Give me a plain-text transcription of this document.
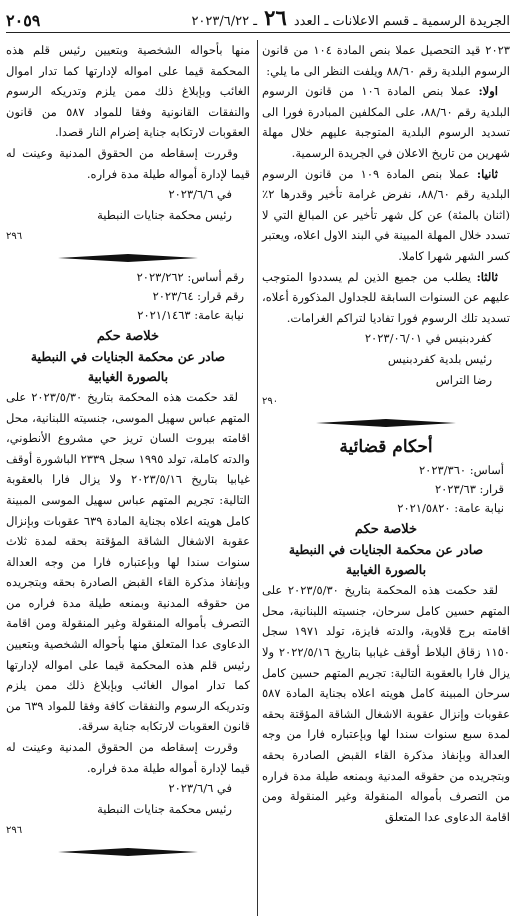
الجريدة الرسمية ـ قسم الاعلانات ـ العدد ٢٦ ـ ٢٠٢٣/٦/٢٢
٢٠٥٩

٢٠٢٣ قيد التحصيل عملا بنص المادة ١٠٤ من قانون الرسوم البلدية رقم ٨٨/٦٠ ويلفت النظر الى ما يلي:

اولا: عملا بنص المادة ١٠٦ من قانون الرسوم البلدية رقم ٨٨/٦٠، على المكلفين المبادرة فورا الى تسديد الرسوم البلدية المتوجبة عليهم خلال مهلة شهرين من تاريخ الاعلان في الجريدة الرسمية.

ثانيا: عملا بنص المادة ١٠٩ من قانون الرسوم البلدية رقم ٨٨/٦٠، نفرض غرامة تأخير وقدرها ٢٪ (اثنان بالمئة) عن كل شهر تأخير عن المبالغ التي لا تسدد خلال المهلة المبينة في البند الاول اعلاه، ويعتبر كسر الشهر شهرا كاملا.

ثالثا: يطلب من جميع الذين لم يسددوا المتوجب عليهم عن السنوات السابقة للجداول المذكورة أعلاه، تسديد تلك الرسوم فورا تفاديا لتراكم الغرامات.

كفردبنيس في ٢٠٢٣/٠٦/٠١

رئيس بلدية كفردبنيس

رضا التراس

٢٩٠

أحكام قضائية

أساس: ٢٠٢٣/٣٦٠

قرار: ٢٠٢٣/٦٣

نيابة عامة: ٢٠٢١/٥٨٢٠

خلاصة حكم
صادر عن محكمة الجنايات في النبطية
بالصورة الغيابية

لقد حكمت هذه المحكمة بتاريخ ٢٠٢٣/٥/٣٠ على المتهم حسين كامل سرحان، جنسيته اللبنانية، محل اقامته برج قلاوية، والدته فايزة، تولد ١٩٧١ سجل ١١٥٠ زقاق البلاط أوقف غيابيا بتاريخ ٢٠٢٢/٥/١٦ ولا يزال فارا بالعقوبة التالية: تجريم المتهم حسين كامل سرحان المبينة كامل هويته اعلاه بجناية المادة ٥٨٧ عقوبات وإنزال عقوبة الاشغال الشاقة المؤقتة بحقه لمدة سبع سنوات سندا لها وبإعتباره فارا من وجه العدالة وبإنفاذ مذكرة القاء القبض الصادرة بحقه وبتجريده من حقوقه المدنية وبمنعه طيلة مدة فراره من التصرف بأمواله المنقولة وغير المنقولة ومن اقامة الدعاوى عدا المتعلق

منها بأحواله الشخصية وبتعيين رئيس قلم هذه المحكمة قيما على امواله لإدارتها كما تدار اموال الغائب وبإبلاغ ذلك ممن يلزم وتدريكه الرسوم والنفقات القانونية وفقا للمواد ٥٨٧ من قانون العقوبات لارتكابه جناية إضرام النار قصدا.

وقررت إسقاطه من الحقوق المدنية وعينت له قيما لإدارة أمواله طيلة مدة فراره.

في ٢٠٢٣/٦/٦

رئيس محكمة جنايات النبطية

٢٩٦

رقم أساس: ٢٠٢٣/٢٦٢

رقم قرار: ٢٠٢٣/٦٤

نيابة عامة: ٢٠٢١/١٤٦٣

خلاصة حكم
صادر عن محكمة الجنايات في النبطية
بالصورة الغيابية

لقد حكمت هذه المحكمة بتاريخ ٢٠٢٣/٥/٣٠ على المتهم عباس سهيل الموسى، جنسيته اللبنانية، محل اقامته بيروت السان تريز حي مشروع الأنطوني، والدته كاملة، تولد ١٩٩٥ سجل ٢٣٣٩ الباشورة أوقف غيابيا بتاريخ ٢٠٢٣/٥/١٦ ولا يزال فارا بالعقوبة التالية: تجريم المتهم عباس سهيل الموسى المبينة كامل هويته اعلاه بجناية المادة ٦٣٩ عقوبات وبإنزال عقوبة الاشغال الشاقة المؤقتة بحقه لمدة ثلاث سنوات سندا لها وبإعتباره فارا من وجه العدالة وبإنفاذ مذكرة القاء القبض الصادرة بحقه وبتجريده من حقوقه المدنية وبمنعه طيلة مدة فراره من التصرف بأمواله المنقولة وغير المنقولة ومن اقامة الدعاوى عدا المتعلق منها بأحواله الشخصية وبتعيين رئيس قلم هذه المحكمة قيما على امواله لإدارتها كما تدار اموال الغائب وبإبلاغ ذلك ممن يلزم وتدريكه الرسوم والنفقات كافة وفقا للمواد ٦٣٩ من قانون العقوبات لارتكابه جناية سرقة.

وقررت إسقاطه من الحقوق المدنية وعينت له قيما لإدارة أمواله طيلة مدة فراره.

في ٢٠٢٣/٦/٦

رئيس محكمة جنايات النبطية

٢٩٦
